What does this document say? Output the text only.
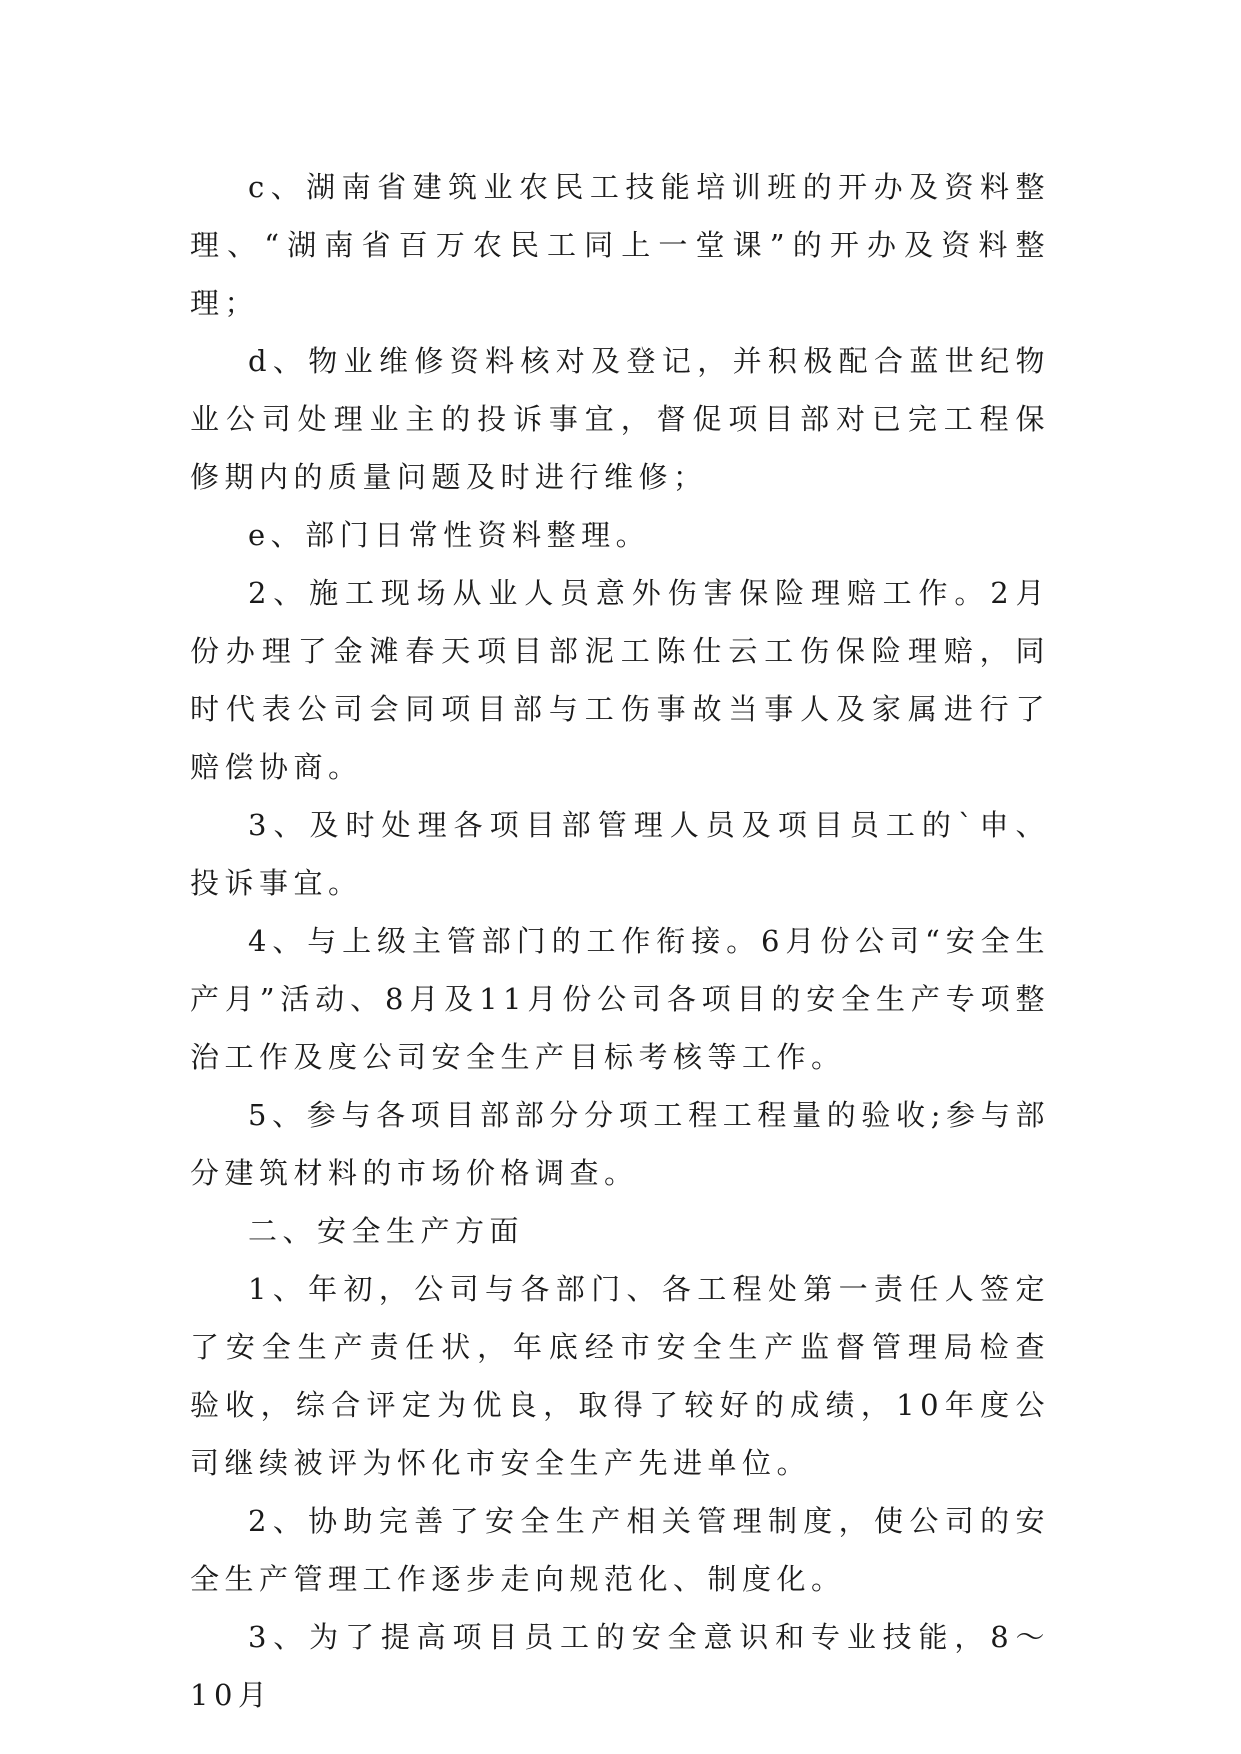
c、湖南省建筑业农民工技能培训班的开办及资料整理、“湖南省百万农民工同上一堂课”的开办及资料整理；

d、物业维修资料核对及登记，并积极配合蓝世纪物业公司处理业主的投诉事宜，督促项目部对已完工程保修期内的质量问题及时进行维修；

e、部门日常性资料整理。

2、施工现场从业人员意外伤害保险理赔工作。2月份办理了金滩春天项目部泥工陈仕云工伤保险理赔，同时代表公司会同项目部与工伤事故当事人及家属进行了赔偿协商。

3、及时处理各项目部管理人员及项目员工的`申、投诉事宜。

4、与上级主管部门的工作衔接。6月份公司“安全生产月”活动、8月及11月份公司各项目的安全生产专项整治工作及度公司安全生产目标考核等工作。

5、参与各项目部部分分项工程工程量的验收;参与部分建筑材料的市场价格调查。

二、安全生产方面

1、年初，公司与各部门、各工程处第一责任人签定了安全生产责任状，年底经市安全生产监督管理局检查验收，综合评定为优良，取得了较好的成绩，10年度公司继续被评为怀化市安全生产先进单位。

2、协助完善了安全生产相关管理制度，使公司的安全生产管理工作逐步走向规范化、制度化。

3、为了提高项目员工的安全意识和专业技能，8～10月
